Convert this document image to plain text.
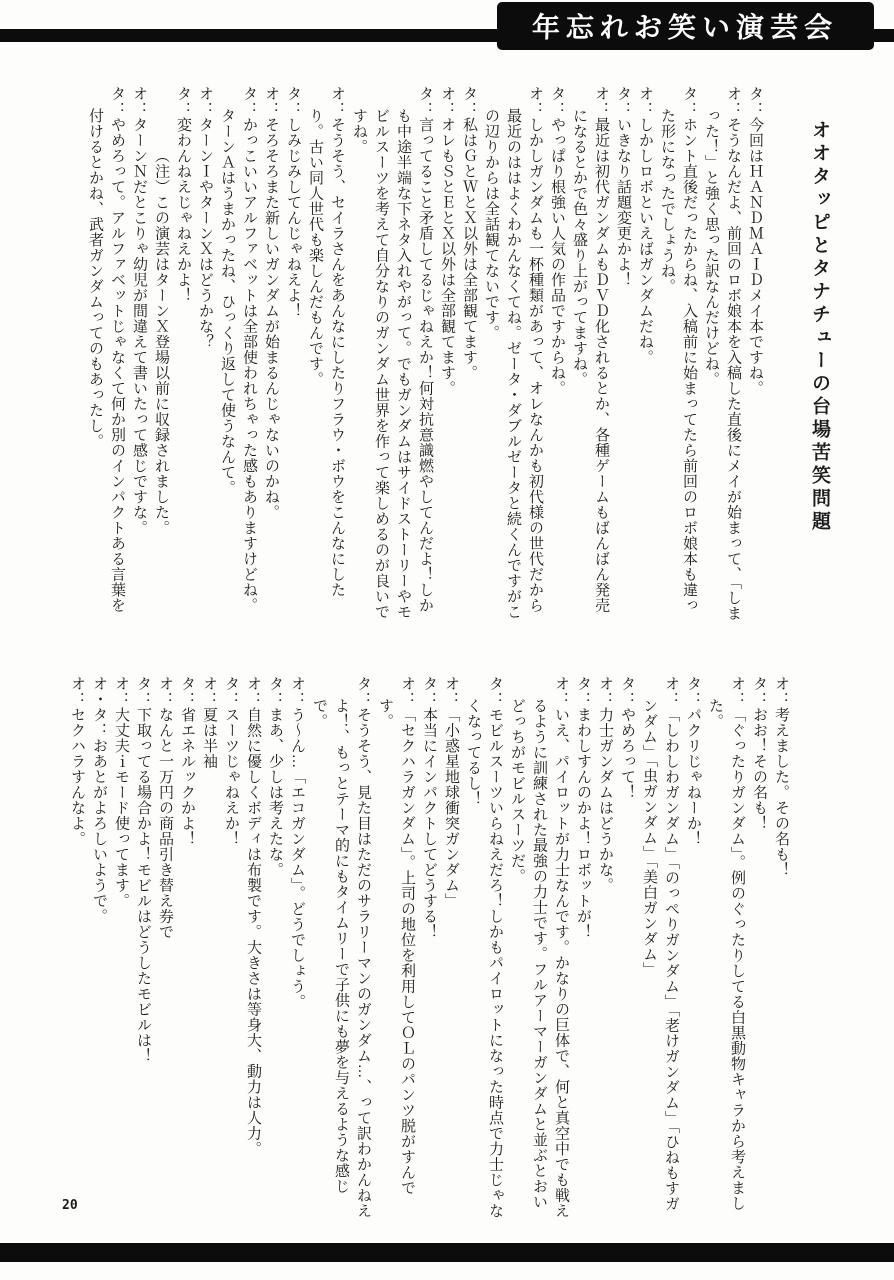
年忘れお笑い演芸会
オオタッピとタナチューの台場苦笑問題

タ：今回はＨＡＮＤＭＡＩＤメイ本ですね。

オ：そうなんだよ、前回のロボ娘本を入稿した直後にメイが始まって、「しまった！」と強く思った訳なんだけどね。

タ：ホント直後だったからね、入稿前に始まってたら前回のロボ娘本も違った形になったでしょうね。

オ：しかしロボといえばガンダムだね。

タ：いきなり話題変更かよ！

オ：最近は初代ガンダムもＤＶＤ化されるとか、各種ゲームもばんばん発売になるとかで色々盛り上がってますね。

タ：やっぱり根強い人気の作品ですからね。

オ：しかしガンダムも一杯種類があって、オレなんかも初代様の世代だから最近のははよくわかんなくてね。ゼータ・ダブルゼータと続くんですがこの辺りからは全話観てないです。

タ：私はＧとＷとＸ以外は全部観てます。

オ：オレもＳとＥとＸ以外は全部観てます。

タ：言ってること矛盾してるじゃねえか！何対抗意識燃やしてんだよ！しかも中途半端な下ネタ入れやがって。でもガンダムはサイドストーリーやモビルスーツを考えて自分なりのガンダム世界を作って楽しめるのが良いですね。

オ：そうそう、セイラさんをあんなにしたりフラウ・ボウをこんなにしたり。古い同人世代も楽しんだもんです。

タ：しみじみしてんじゃねえよ！

オ：そろそろまた新しいガンダムが始まるんじゃないのかね。

タ：かっこいいアルファベットは全部使われちゃった感もありますけどね。ターンＡはうまかったね、ひっくり返して使うなんて。

オ：ターンＩやターンＸはどうかな？

タ：変わんねえじゃねえかよ！

（注）この演芸はターンＸ登場以前に収録されました。

オ：ターンＮだとこりゃ幼児が間違えて書いたって感じですな。

タ：やめろって。アルファベットじゃなくて何か別のインパクトある言葉を付けるとかね、武者ガンダムってのもあったし。

オ：考えました。その名も！

タ：おお！その名も！

オ：「ぐったりガンダム」。例のぐったりしてる白黒動物キャラから考えました。

タ：パクリじゃねーか！

オ：「しわしわガンダム」「のっぺりガンダム」「老けガンダム」「ひねもすガンダム」「虫ガンダム」「美白ガンダム」

タ：やめろって！

オ：力士ガンダムはどうかな。

タ：まわしすんのかよ！ロボットが！

オ：いえ、パイロットが力士なんです。かなりの巨体で、何と真空中でも戦えるように訓練された最強の力士です。フルアーマーガンダムと並ぶとおいどっちがモビルスーツだ。

タ：モビルスーツいらねえだろ！しかもパイロットになった時点で力士じゃなくなってるし！

オ：「小惑星地球衝突ガンダム」

タ：本当にインパクトしてどうする！

オ：「セクハラガンダム」。上司の地位を利用してＯＬのパンツ脱がすんです。

タ：そうそう、見た目はただのサラリーマンのガンダム…、って訳わかんねえよ！、もっとテーマ的にもタイムリーで子供にも夢を与えるような感じで。

オ：う～ん…「エコガンダム」。どうでしょう。

タ：まあ、少しは考えたな。

オ：自然に優しくボディは布製です。大きさは等身大、動力は人力。

タ：スーツじゃねえか！

オ：夏は半袖

タ：省エネルックかよ！

オ：なんと一万円の商品引き替え券で

タ：下取ってる場合かよ！モビルはどうしたモビルは！

オ：大丈夫ｉモード使ってます。

オ・タ：おあとがよろしいようで。

オ：セクハラすんなよ。

20
